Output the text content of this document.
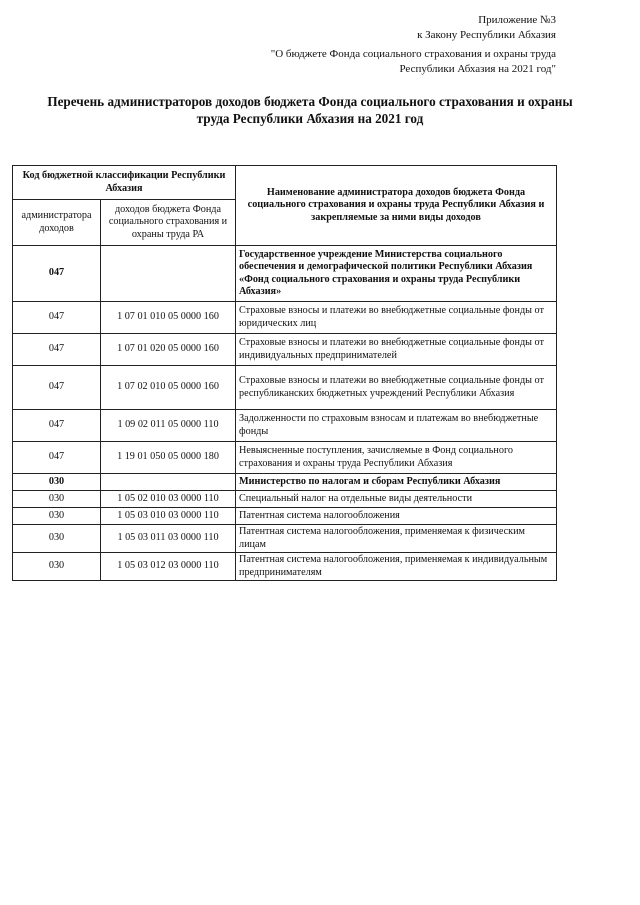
Приложение №3
к Закону Республики Абхазия
"О бюджете Фонда социального страхования и охраны труда
Республики Абхазия на 2021 год"
Перечень администраторов доходов бюджета Фонда социального страхования и охраны
труда Республики Абхазия на 2021 год
Код бюджетной классификации Республики Абхазия		Наименование администратора доходов бюджета Фонда социального страхования и охраны труда Республики Абхазия и закрепляемые за ними виды доходов
администратора доходов	доходов бюджета Фонда социального страхования и охраны труда РА	
047		Государственное учреждение Министерства социального обеспечения и демографической политики Республики Абхазия «Фонд социального страхования и охраны труда Республики Абхазия»
047	1 07 01 010 05 0000 160	Страховые взносы и платежи во внебюджетные социальные фонды от юридических лиц
047	1 07 01 020 05 0000 160	Страховые взносы и платежи во внебюджетные социальные фонды от индивидуальных предпринимателей
047	1 07 02 010 05 0000 160	Страховые взносы и платежи во внебюджетные социальные фонды от республиканских бюджетных учреждений Республики Абхазия
047	1 09 02 011 05 0000 110	Задолженности по страховым взносам и платежам во внебюджетные фонды
047	1 19 01 050 05 0000 180	Невыясненные поступления, зачисляемые в Фонд социального страхования и охраны труда Республики Абхазия
030		Министерство по налогам и сборам Республики Абхазия
030	1 05 02 010 03 0000 110	Специальный налог на отдельные виды деятельности
030	1 05 03 010 03 0000 110	Патентная система налогообложения
030	1 05 03 011 03 0000 110	Патентная система налогообложения, применяемая к физическим лицам
030	1 05 03 012 03 0000 110	Патентная система налогообложения, применяемая к индивидуальным предпринимателям
